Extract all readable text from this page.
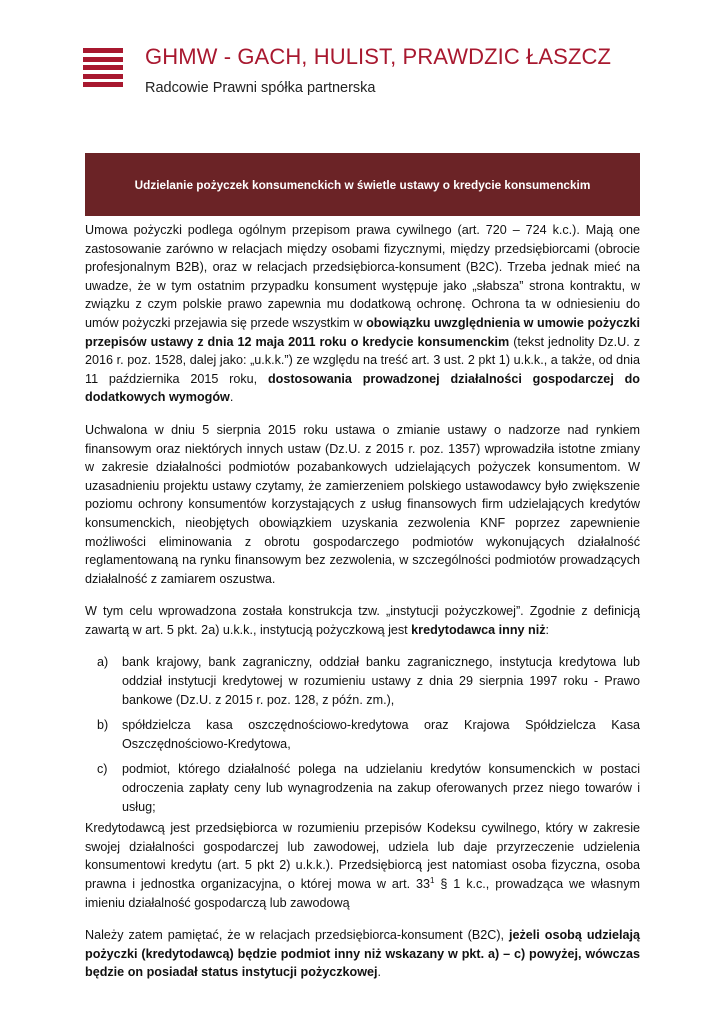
GHMW - GACH, HULIST, PRAWDZIC ŁASZCZ
Radcowie Prawni spółka partnerska
Udzielanie pożyczek konsumenckich w świetle ustawy o kredycie konsumenckim

Umowa pożyczki podlega ogólnym przepisom prawa cywilnego (art. 720 – 724 k.c.). Mają one zastosowanie zarówno w relacjach między osobami fizycznymi, między przedsiębiorcami (obrocie profesjonalnym B2B), oraz w relacjach przedsiębiorca-konsument (B2C). Trzeba jednak mieć na uwadze, że w tym ostatnim przypadku konsument występuje jako „słabsza” strona kontraktu, w związku z czym polskie prawo zapewnia mu dodatkową ochronę. Ochrona ta w odniesieniu do umów pożyczki przejawia się przede wszystkim w obowiązku uwzględnienia w umowie pożyczki przepisów ustawy z dnia 12 maja 2011 roku o kredycie konsumenckim (tekst jednolity Dz.U. z 2016 r. poz. 1528, dalej jako: „u.k.k.”) ze względu na treść art. 3 ust. 2 pkt 1) u.k.k., a także, od dnia 11 października 2015 roku, dostosowania prowadzonej działalności gospodarczej do dodatkowych wymogów.

Uchwalona w dniu 5 sierpnia 2015 roku ustawa o zmianie ustawy o nadzorze nad rynkiem finansowym oraz niektórych innych ustaw (Dz.U. z 2015 r. poz. 1357) wprowadziła istotne zmiany w zakresie działalności podmiotów pozabankowych udzielających pożyczek konsumentom. W uzasadnieniu projektu ustawy czytamy, że zamierzeniem polskiego ustawodawcy było zwiększenie poziomu ochrony konsumentów korzystających z usług finansowych firm udzielających kredytów konsumenckich, nieobjętych obowiązkiem uzyskania zezwolenia KNF poprzez zapewnienie możliwości eliminowania z obrotu gospodarczego podmiotów wykonujących działalność reglamentowaną na rynku finansowym bez zezwolenia, w szczególności podmiotów prowadzących działalność z zamiarem oszustwa.

W tym celu wprowadzona została konstrukcja tzw. „instytucji pożyczkowej”. Zgodnie z definicją zawartą w art. 5 pkt. 2a) u.k.k., instytucją pożyczkową jest kredytodawca inny niż:

a) bank krajowy, bank zagraniczny, oddział banku zagranicznego, instytucja kredytowa lub oddział instytucji kredytowej w rozumieniu ustawy z dnia 29 sierpnia 1997 roku - Prawo bankowe (Dz.U. z 2015 r. poz. 128, z późn. zm.),
b) spółdzielcza kasa oszczędnościowo-kredytowa oraz Krajowa Spółdzielcza Kasa Oszczędnościowo-Kredytowa,
c) podmiot, którego działalność polega na udzielaniu kredytów konsumenckich w postaci odroczenia zapłaty ceny lub wynagrodzenia na zakup oferowanych przez niego towarów i usług;

Kredytodawcą jest przedsiębiorca w rozumieniu przepisów Kodeksu cywilnego, który w zakresie swojej działalności gospodarczej lub zawodowej, udziela lub daje przyrzeczenie udzielenia konsumentowi kredytu (art. 5 pkt 2) u.k.k.). Przedsiębiorcą jest natomiast osoba fizyczna, osoba prawna i jednostka organizacyjna, o której mowa w art. $33^1$ § 1 k.c., prowadząca we własnym imieniu działalność gospodarczą lub zawodową

Należy zatem pamiętać, że w relacjach przedsiębiorca-konsument (B2C), jeżeli osobą udzielają pożyczki (kredytodawcą) będzie podmiot inny niż wskazany w pkt. a) – c) powyżej, wówczas będzie on posiadał status instytucji pożyczkowej.
